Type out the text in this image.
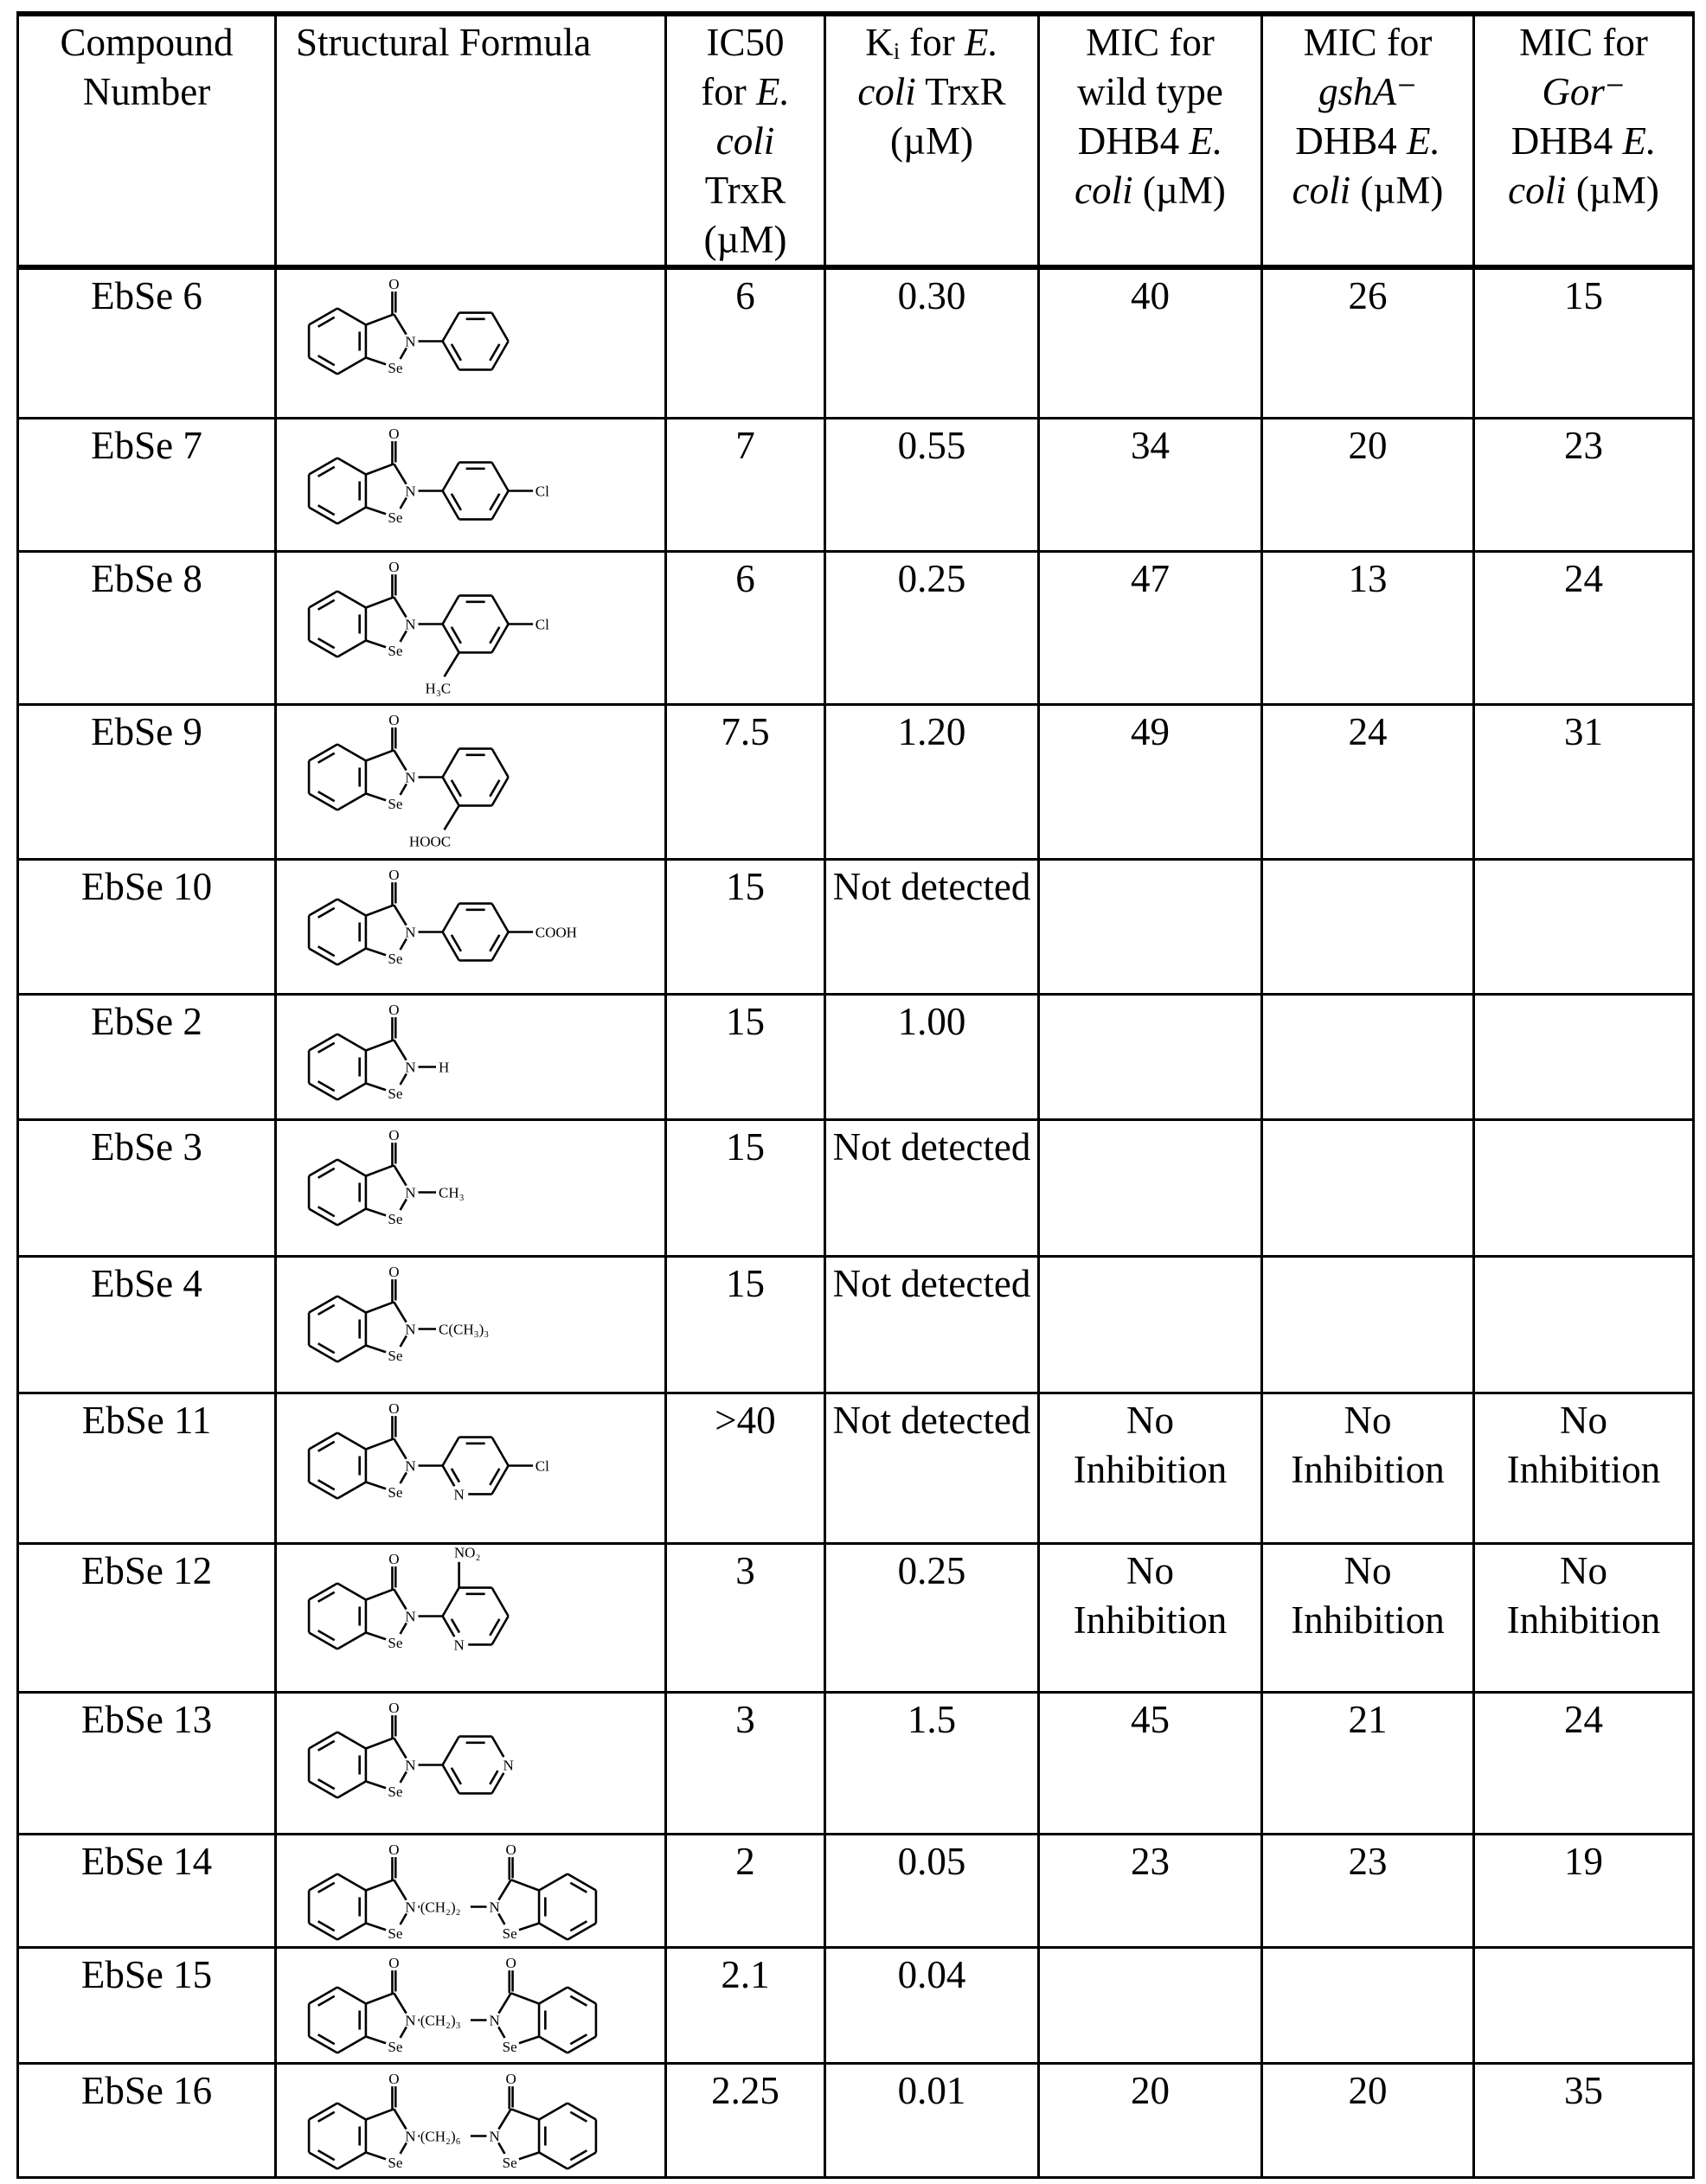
Compound
Number

Structural Formula	IC50
for E.
coli
TrxR
(µM)

Kᵢ for E.
coli TrxR
(µM)

MIC for
wild type
DHB4 E.
coli (µM)

MIC for
gshA⁻
DHB4 E.
coli (µM)

MIC for
Gor⁻
DHB4 E.
coli (µM)

EbSe 6	O
N
Se
	6	0.30	40	26	15
EbSe 7	O
N
Se
Cl
	7	0.55	34	20	23
EbSe 8	O
N
Se
Cl
H₃C
	6	0.25	47	13	24
EbSe 9	O
N
Se
HOOC
	7.5	1.20	49	24	31
EbSe 10	O
N
Se
COOH
	15	Not detected			
EbSe 2	O
N
Se
H
	15	1.00			
EbSe 3	O
N
Se
CH₃
	15	Not detected			
EbSe 4	O
N
Se
C(CH₃)₃
	15	Not detected			
EbSe 11	O
N
Se	N
Cl
	>40	Not detected	No Inhibition	No Inhibition	No Inhibition
EbSe 12	O
N
Se	N
NO₂	3	0.25	No Inhibition	No Inhibition	No Inhibition
EbSe 13	O
N
Se
N
	3	1.5	45	21	24
EbSe 14	O
N
Se
(CH₂)₂
O
N
Se
	2	0.05	23	23	19
EbSe 15	O
N
Se
(CH₂)₃
O
N
Se
	2.1	0.04			
EbSe 16	O
N
Se
(CH₂)₆
O
N
Se
	2.25	0.01	20	20	35
